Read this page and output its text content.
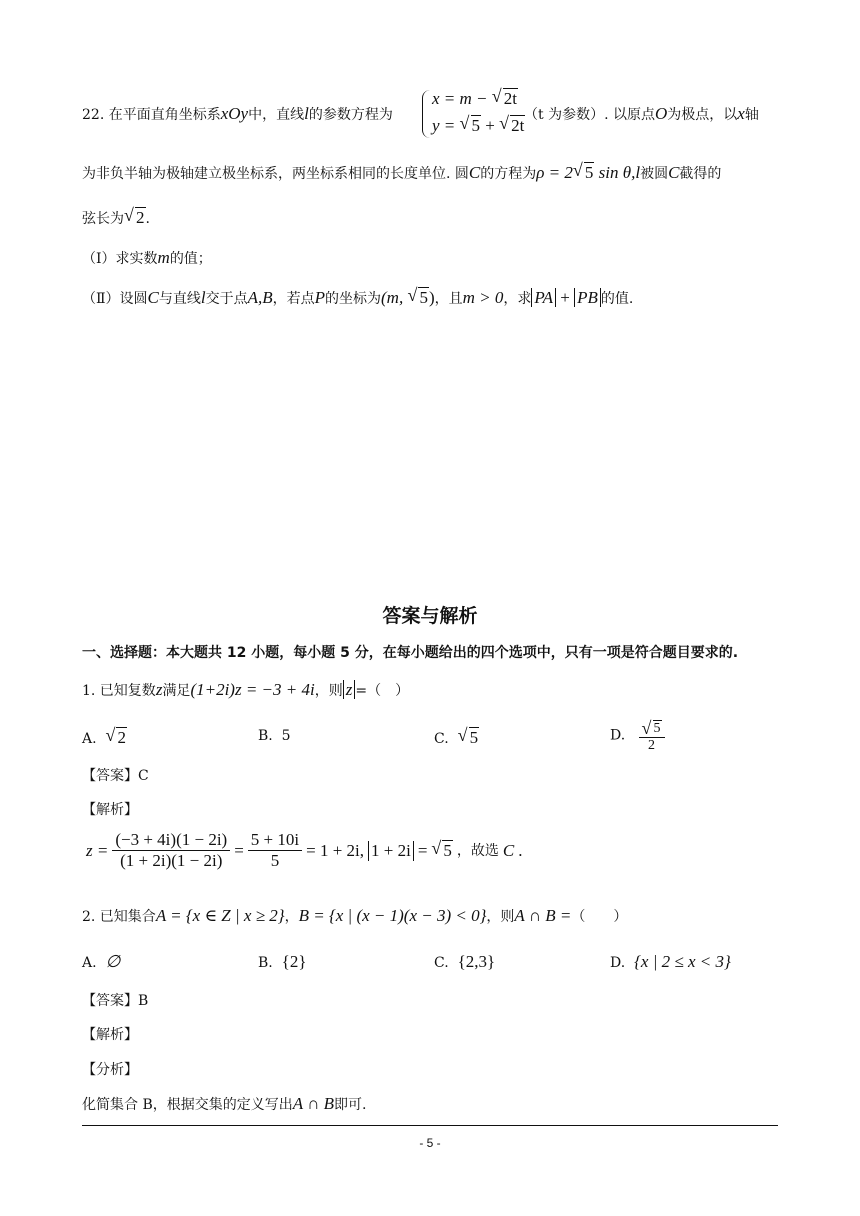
22. 在平面直角坐标系xOy中，直线l的参数方程为
x = m − √ 2t
y = √ 5 + √ 2t
（t 为参数）. 以原点O为极点，以x轴
为非负半轴为极轴建立极坐标系，两坐标系相同的长度单位. 圆C的方程为ρ = 2 √ 5 sin θ,l被圆C截得的
弦长为 √ 2.
（Ⅰ）求实数m的值；
（Ⅱ）设圆C与直线l交于点A,B，若点P的坐标为(m, √ 5)，且m > 0，求 PA + PB 的值.
答案与解析
一、选择题：本大题共 12 小题，每小题 5 分，在每小题给出的四个选项中，只有一项是符合题目要求的.
1. 已知复数z满足(1+2i)z = −3 + 4i，则 z =（　）
A. √ 2	B. 5	C. √ 5	D. √ $\frac{5}{2}$
【答案】C
【解析】
$z = \frac{(-3 + 4i)(1 - 2i)}{(1 + 2i)(1 - 2i)} = \frac{5 + 10i}{5} = 1 + 2i$, 1 + 2i = √ 5 ，故选 C .
2. 已知集合A = {x ∈ Z | x ≥ 2}，B = {x | (x − 1)(x − 3) < 0}，则A ∩ B =（　　）
A. ∅	B. {2}	C. {2,3}	D. {x | 2 ≤ x < 3}
【答案】B
【解析】
【分析】
化简集合 B，根据交集的定义写出A ∩ B即可.
- 5 -
